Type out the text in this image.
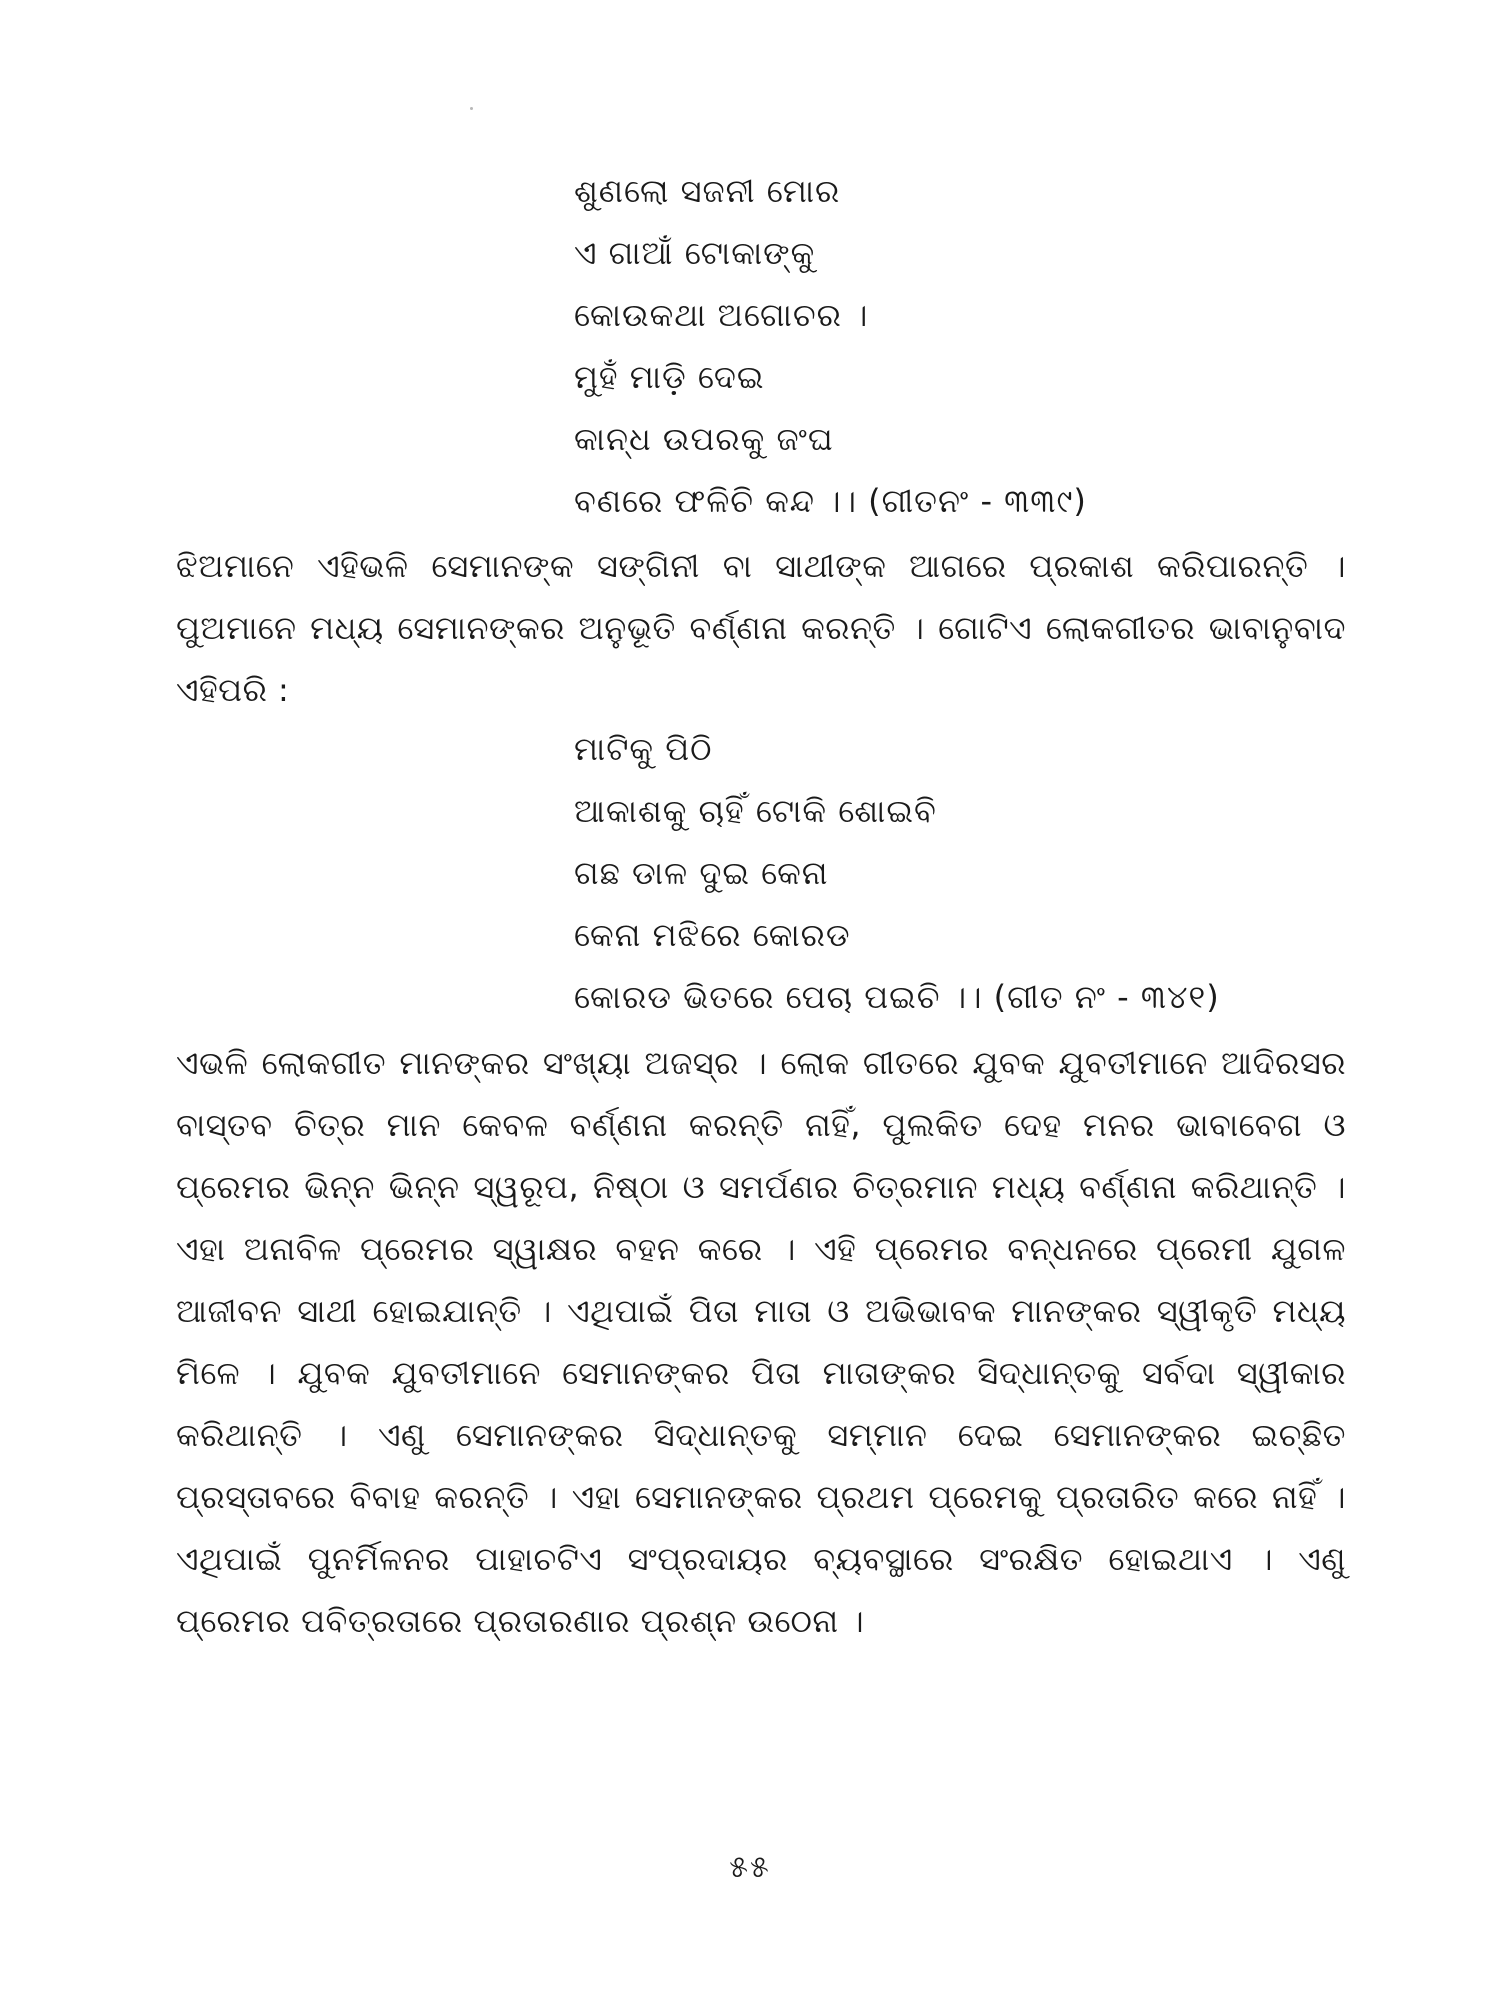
ଶୁଣଲୋ ସଜନୀ ମୋର
ଏ ଗାଆଁ ଟୋକାଙ୍କୁ
କୋଉକଥା ଅଗୋଚର ।
ମୁହଁ ମାଡ଼ି ଦେଇ
କାନ୍ଧ ଉପରକୁ ଜଂଘ
ବଣରେ ଫଳିଚି କନ୍ଦ ।। (ଗୀତନଂ - ୩୩୯)

ଝିଅମାନେ ଏହିଭଳି ସେମାନଙ୍କ ସଙ୍ଗିନୀ ବା ସାଥୀଙ୍କ ଆଗରେ ପ୍ରକାଶ କରିପାରନ୍ତି । ପୁଅମାନେ ମଧ୍ୟ ସେମାନଙ୍କର ଅନୁଭୂତି ବର୍ଣ୍ଣନା କରନ୍ତି । ଗୋଟିଏ ଲୋକଗୀତର ଭାବାନୁବାଦ ଏହିପରି :

ମାଟିକୁ ପିଠି
ଆକାଶକୁ ଚାହିଁ ଟୋକି ଶୋଇବି
ଗଛ ଡାଳ ଦୁଇ କେନା
କେନା ମଝିରେ କୋରଡ
କୋରଡ ଭିତରେ ପେଚା ପଇଚି ।। (ଗୀତ ନଂ - ୩୪୧)

ଏଭଳି ଲୋକଗୀତ ମାନଙ୍କର ସଂଖ୍ୟା ଅଜସ୍ର । ଲୋକ ଗୀତରେ ଯୁବକ ଯୁବତୀମାନେ ଆଦିରସର ବାସ୍ତବ ଚିତ୍ର ମାନ କେବଳ ବର୍ଣ୍ଣନା କରନ୍ତି ନାହିଁ, ପୁଲକିତ ଦେହ ମନର ଭାବାବେଗ ଓ ପ୍ରେମର ଭିନ୍ନ ଭିନ୍ନ ସ୍ୱରୂପ, ନିଷ୍ଠା ଓ ସମର୍ପଣର ଚିତ୍ରମାନ ମଧ୍ୟ ବର୍ଣ୍ଣନା କରିଥାନ୍ତି । ଏହା ଅନାବିଳ ପ୍ରେମର ସ୍ୱାକ୍ଷର ବହନ କରେ । ଏହି ପ୍ରେମର ବନ୍ଧନରେ ପ୍ରେମୀ ଯୁଗଳ ଆଜୀବନ ସାଥୀ ହୋଇଯାନ୍ତି । ଏଥିପାଇଁ ପିତା ମାତା ଓ ଅଭିଭାବକ ମାନଙ୍କର ସ୍ୱୀକୃତି ମଧ୍ୟ ମିଳେ । ଯୁବକ ଯୁବତୀମାନେ ସେମାନଙ୍କର ପିତା ମାତାଙ୍କର ସିଦ୍ଧାନ୍ତକୁ ସର୍ବଦା ସ୍ୱୀକାର କରିଥାନ୍ତି । ଏଣୁ ସେମାନଙ୍କର ସିଦ୍ଧାନ୍ତକୁ ସମ୍ମାନ ଦେଇ ସେମାନଙ୍କର ଇଚ୍ଛିତ ପ୍ରସ୍ତାବରେ ବିବାହ କରନ୍ତି । ଏହା ସେମାନଙ୍କର ପ୍ରଥମ ପ୍ରେମକୁ ପ୍ରତାରିତ କରେ ନାହିଁ । ଏଥିପାଇଁ ପୁନର୍ମିଳନର ପାହାଚଟିଏ ସଂପ୍ରଦାୟର ବ୍ୟବସ୍ଥାରେ ସଂରକ୍ଷିତ ହୋଇଥାଏ । ଏଣୁ ପ୍ରେମର ପବିତ୍ରତାରେ ପ୍ରତାରଣାର ପ୍ରଶ୍ନ ଉଠେନା ।

୫୫
